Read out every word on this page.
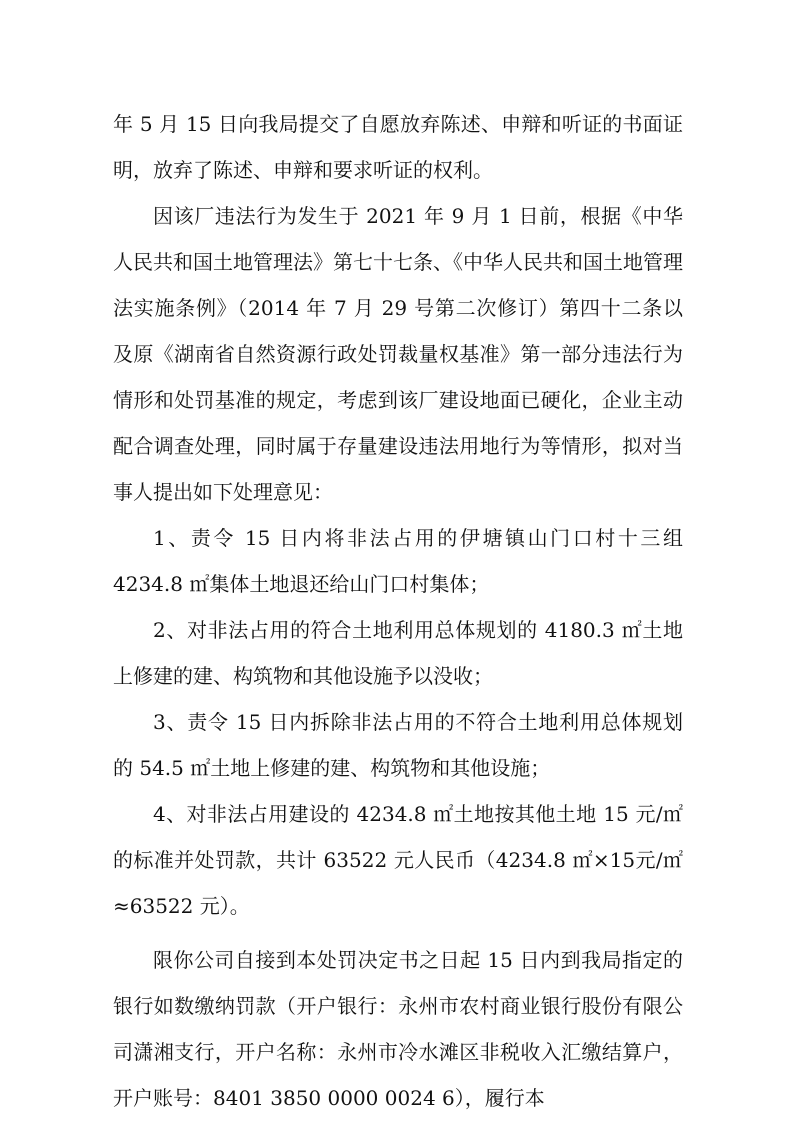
年 5 月 15 日向我局提交了自愿放弃陈述、申辩和听证的书面证明，放弃了陈述、申辩和要求听证的权利。

因该厂违法行为发生于 2021 年 9 月 1 日前，根据《中华人民共和国土地管理法》第七十七条、《中华人民共和国土地管理法实施条例》（2014 年 7 月 29 号第二次修订）第四十二条以及原《湖南省自然资源行政处罚裁量权基准》第一部分违法行为情形和处罚基准的规定，考虑到该厂建设地面已硬化，企业主动配合调查处理，同时属于存量建设违法用地行为等情形，拟对当事人提出如下处理意见：

1、责令 15 日内将非法占用的伊塘镇山门口村十三组4234.8 ㎡集体土地退还给山门口村集体；

2、对非法占用的符合土地利用总体规划的 4180.3 ㎡土地上修建的建、构筑物和其他设施予以没收；

3、责令 15 日内拆除非法占用的不符合土地利用总体规划的 54.5 ㎡土地上修建的建、构筑物和其他设施；

4、对非法占用建设的 4234.8 ㎡土地按其他土地 15 元/㎡的标准并处罚款，共计 63522 元人民币（4234.8 ㎡×15元/㎡≈63522 元）。

限你公司自接到本处罚决定书之日起 15 日内到我局指定的银行如数缴纳罚款（开户银行：永州市农村商业银行股份有限公司潇湘支行，开户名称：永州市冷水滩区非税收入汇缴结算户，开户账号：8401 3850 0000 0024 6），履行本
